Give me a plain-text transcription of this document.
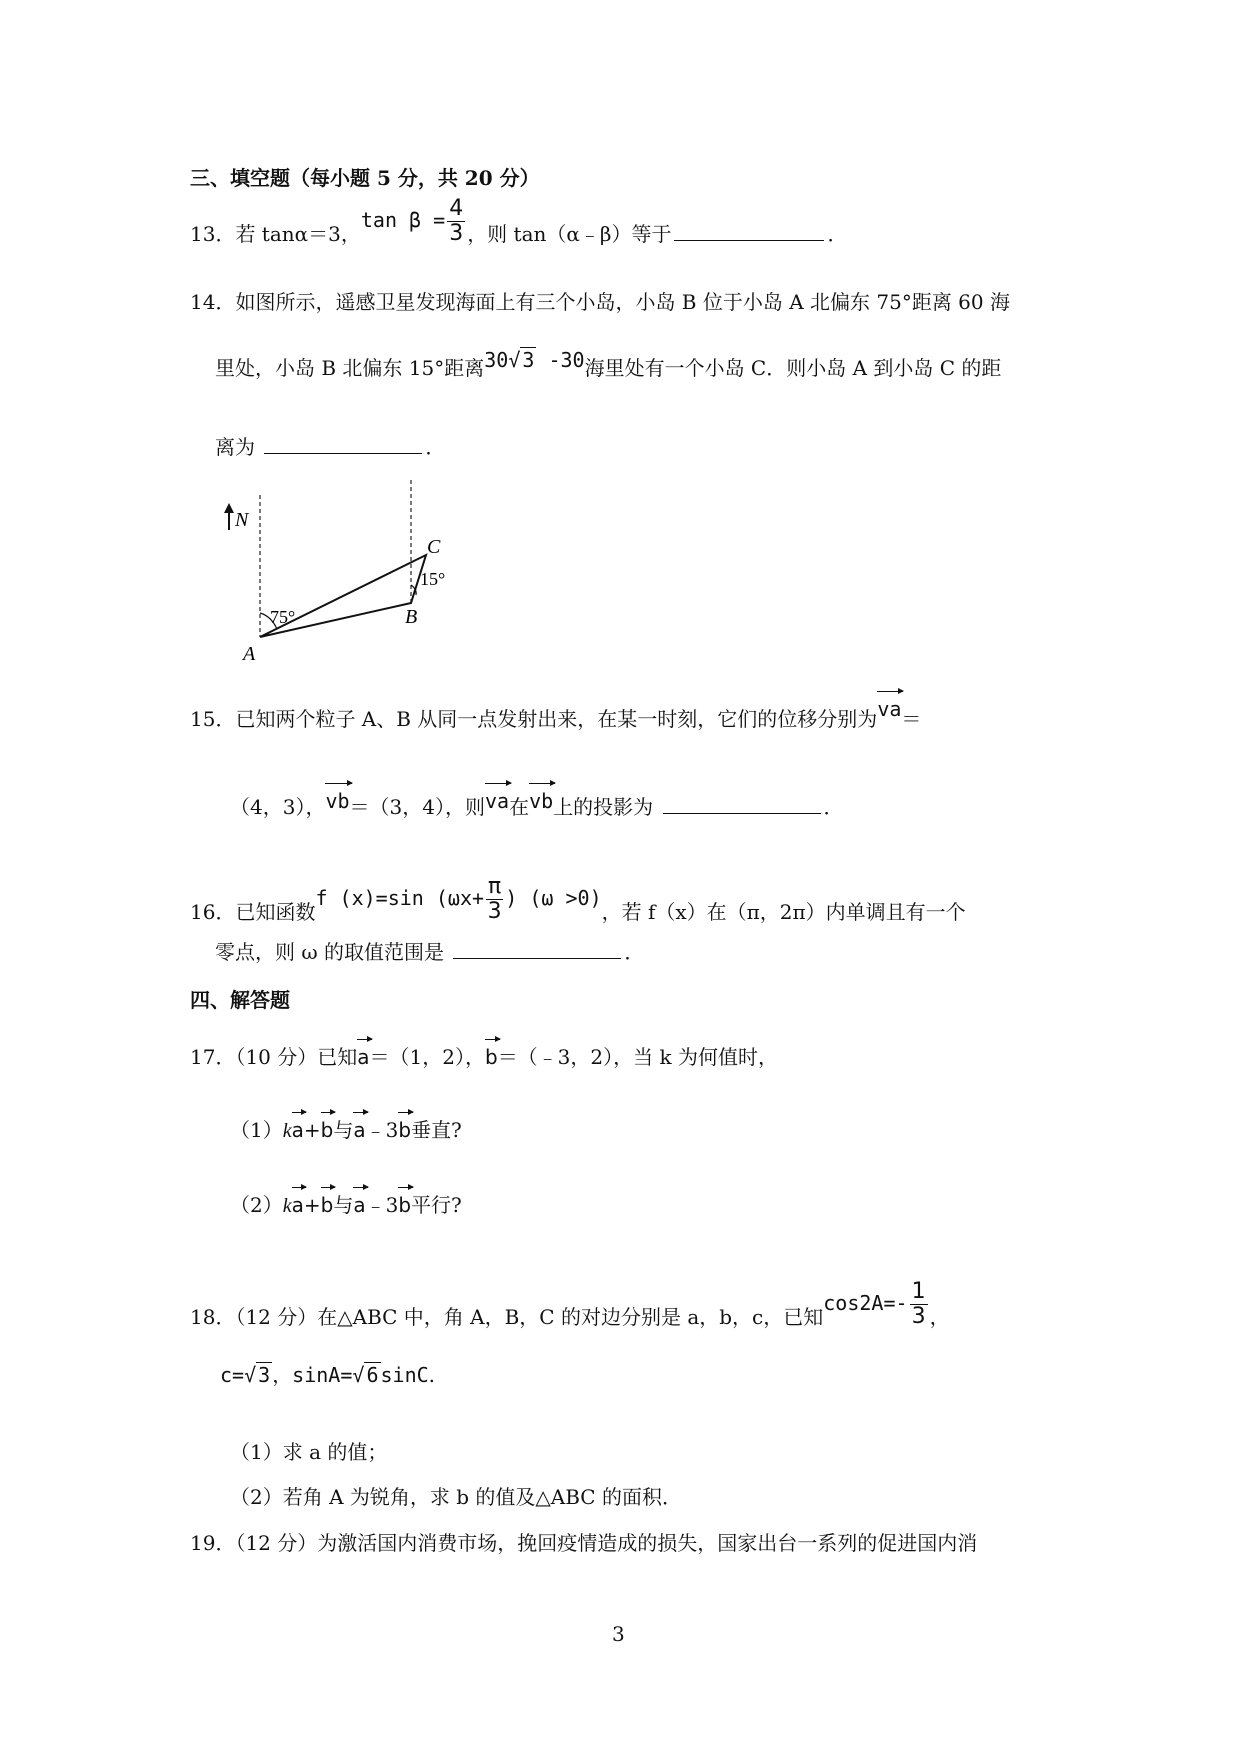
三、填空题（每小题 5 分，共 20 分）
13．若 tanα＝3，$\tan \beta = \frac{4}{3}$ ，则 tan（α﹣β）等于	．
14．如图所示，遥感卫星发现海面上有三个小岛，小岛 B 位于小岛 A 北偏东 75°距离 60 海
里处，小岛 B 北偏东 15°距离30√ 3 -30海里处有一个小岛 C．则小岛 A 到小岛 C 的距
离为	．
N
75°
15°
A
B
C
15．已知两个粒子 A、B 从同一点发射出来，在某一时刻，它们的位移分别为va＝
（4，3），vb＝（3，4），则va在vb上的投影为	．
16．已知函数f (x)=sin ($\omega x+ \frac{\pi}{3}$ ) (ω >0)，若 f（x）在（π，2π）内单调且有一个
零点，则 ω 的取值范围是	．
四、解答题
17．（10 分）已知a＝（1，2），b＝（﹣3，2），当 k 为何值时，
（1）ka+b与a﹣3b垂直?
（2）ka+b与a﹣3b平行?
18．（12 分）在△ABC 中，角 A，B，C 的对边分别是 a，b，c，已知$\cos 2A=- \frac{1}{3}$ ，
c=√ 3 ，sinA=√ 6 sinC.
（1）求 a 的值；
（2）若角 A 为锐角，求 b 的值及△ABC 的面积．
19．（12 分）为激活国内消费市场，挽回疫情造成的损失，国家出台一系列的促进国内消
3
